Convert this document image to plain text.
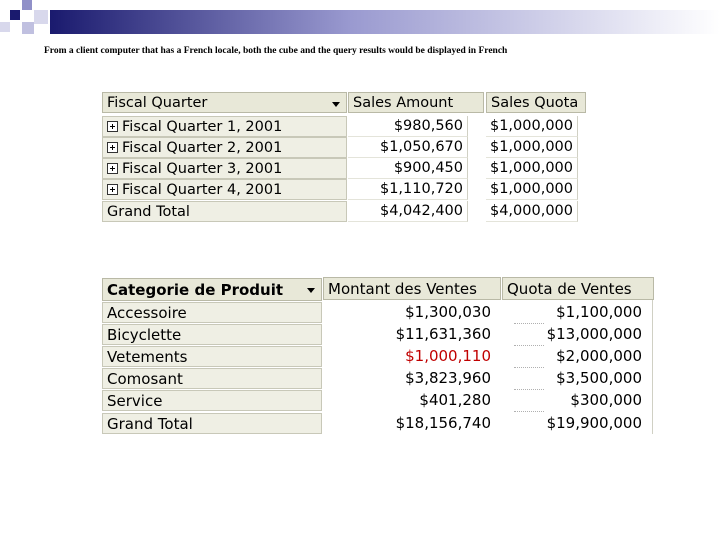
From a client computer that has a French locale, both the cube and the query results would be displayed in French
Fiscal Quarter	Sales Amount	Sales Quota
Fiscal Quarter 1, 2001	$980,560	$1,000,000
Fiscal Quarter 2, 2001	$1,050,670	$1,000,000
Fiscal Quarter 3, 2001	$900,450	$1,000,000
Fiscal Quarter 4, 2001	$1,110,720	$1,000,000
Grand Total	$4,042,400	$4,000,000
Categorie de Produit	Montant des Ventes	Quota de Ventes
Accessoire	$1,300,030	$1,100,000
Bicyclette	$11,631,360	$13,000,000
Vetements	$1,000,110	$2,000,000
Comosant	$3,823,960	$3,500,000
Service	$401,280	$300,000
Grand Total	$18,156,740	$19,900,000
